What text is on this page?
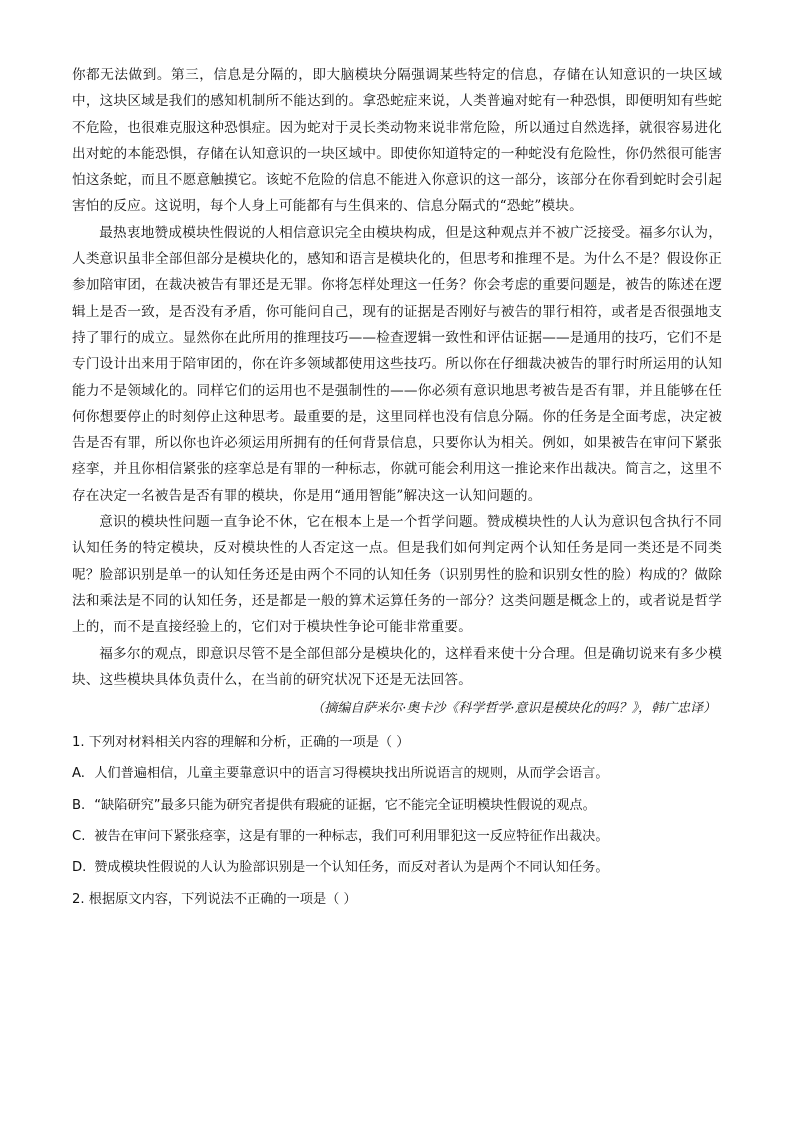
你都无法做到。第三，信息是分隔的，即大脑模块分隔强调某些特定的信息，存储在认知意识的一块区域中，这块区域是我们的感知机制所不能达到的。拿恐蛇症来说，人类普遍对蛇有一种恐惧，即便明知有些蛇不危险，也很难克服这种恐惧症。因为蛇对于灵长类动物来说非常危险，所以通过自然选择，就很容易进化出对蛇的本能恐惧，存储在认知意识的一块区域中。即使你知道特定的一种蛇没有危险性，你仍然很可能害怕这条蛇，而且不愿意触摸它。该蛇不危险的信息不能进入你意识的这一部分，该部分在你看到蛇时会引起害怕的反应。这说明，每个人身上可能都有与生俱来的、信息分隔式的“恐蛇”模块。

最热衷地赞成模块性假说的人相信意识完全由模块构成，但是这种观点并不被广泛接受。福多尔认为，人类意识虽非全部但部分是模块化的，感知和语言是模块化的，但思考和推理不是。为什么不是？假设你正参加陪审团，在裁决被告有罪还是无罪。你将怎样处理这一任务？你会考虑的重要问题是，被告的陈述在逻辑上是否一致，是否没有矛盾，你可能问自己，现有的证据是否刚好与被告的罪行相符，或者是否很强地支持了罪行的成立。显然你在此所用的推理技巧——检查逻辑一致性和评估证据——是通用的技巧，它们不是专门设计出来用于陪审团的，你在许多领域都使用这些技巧。所以你在仔细裁决被告的罪行时所运用的认知能力不是领域化的。同样它们的运用也不是强制性的——你必须有意识地思考被告是否有罪，并且能够在任何你想要停止的时刻停止这种思考。最重要的是，这里同样也没有信息分隔。你的任务是全面考虑，决定被告是否有罪，所以你也许必须运用所拥有的任何背景信息，只要你认为相关。例如，如果被告在审问下紧张痉挛，并且你相信紧张的痉挛总是有罪的一种标志，你就可能会利用这一推论来作出裁决。简言之，这里不存在决定一名被告是否有罪的模块，你是用“通用智能”解决这一认知问题的。

意识的模块性问题一直争论不休，它在根本上是一个哲学问题。赞成模块性的人认为意识包含执行不同认知任务的特定模块，反对模块性的人否定这一点。但是我们如何判定两个认知任务是同一类还是不同类呢？脸部识别是单一的认知任务还是由两个不同的认知任务（识别男性的脸和识别女性的脸）构成的？做除法和乘法是不同的认知任务，还是都是一般的算术运算任务的一部分？这类问题是概念上的，或者说是哲学上的，而不是直接经验上的，它们对于模块性争论可能非常重要。

福多尔的观点，即意识尽管不是全部但部分是模块化的，这样看来使十分合理。但是确切说来有多少模块、这些模块具体负责什么，在当前的研究状况下还是无法回答。

（摘编自萨米尔·奥卡沙《科学哲学·意识是模块化的吗？》，韩广忠译）

1. 下列对材料相关内容的理解和分析，正确的一项是（ ）

A. 人们普遍相信，儿童主要靠意识中的语言习得模块找出所说语言的规则，从而学会语言。

B. “缺陷研究”最多只能为研究者提供有瑕疵的证据，它不能完全证明模块性假说的观点。

C. 被告在审问下紧张痉挛，这是有罪的一种标志，我们可利用罪犯这一反应特征作出裁决。

D. 赞成模块性假说的人认为脸部识别是一个认知任务，而反对者认为是两个不同认知任务。

2. 根据原文内容，下列说法不正确的一项是（ ）
